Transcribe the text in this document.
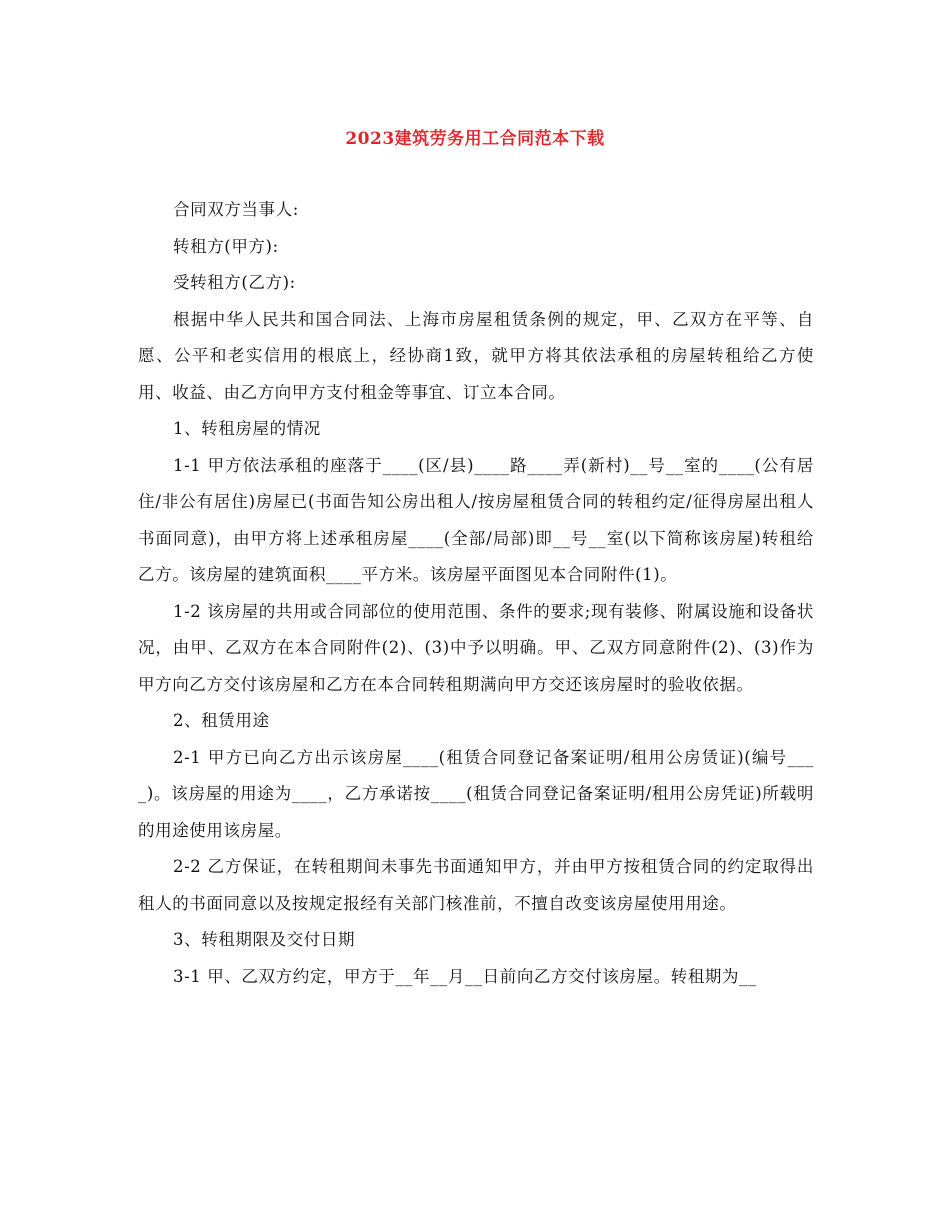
2023建筑劳务用工合同范本下载

合同双方当事人:

转租方(甲方):

受转租方(乙方):

根据中华人民共和国合同法、上海市房屋租赁条例的规定，甲、乙双方在平等、自愿、公平和老实信用的根底上，经协商1致，就甲方将其依法承租的房屋转租给乙方使用、收益、由乙方向甲方支付租金等事宜、订立本合同。

1、转租房屋的情况

1-1 甲方依法承租的座落于____(区/县)____路____弄(新村)__号__室的____(公有居住/非公有居住)房屋已(书面告知公房出租人/按房屋租赁合同的转租约定/征得房屋出租人书面同意)，由甲方将上述承租房屋____(全部/局部)即__号__室(以下简称该房屋)转租给乙方。该房屋的建筑面积____平方米。该房屋平面图见本合同附件(1)。

1-2 该房屋的共用或合同部位的使用范围、条件的要求;现有装修、附属设施和设备状况，由甲、乙双方在本合同附件(2)、(3)中予以明确。甲、乙双方同意附件(2)、(3)作为甲方向乙方交付该房屋和乙方在本合同转租期满向甲方交还该房屋时的验收依据。

2、租赁用途

2-1 甲方已向乙方出示该房屋____(租赁合同登记备案证明/租用公房赁证)(编号____)。该房屋的用途为____，乙方承诺按____(租赁合同登记备案证明/租用公房凭证)所载明的用途使用该房屋。

2-2 乙方保证，在转租期间未事先书面通知甲方，并由甲方按租赁合同的约定取得出租人的书面同意以及按规定报经有关部门核准前，不擅自改变该房屋使用用途。

3、转租期限及交付日期

3-1 甲、乙双方约定，甲方于__年__月__日前向乙方交付该房屋。转租期为__
